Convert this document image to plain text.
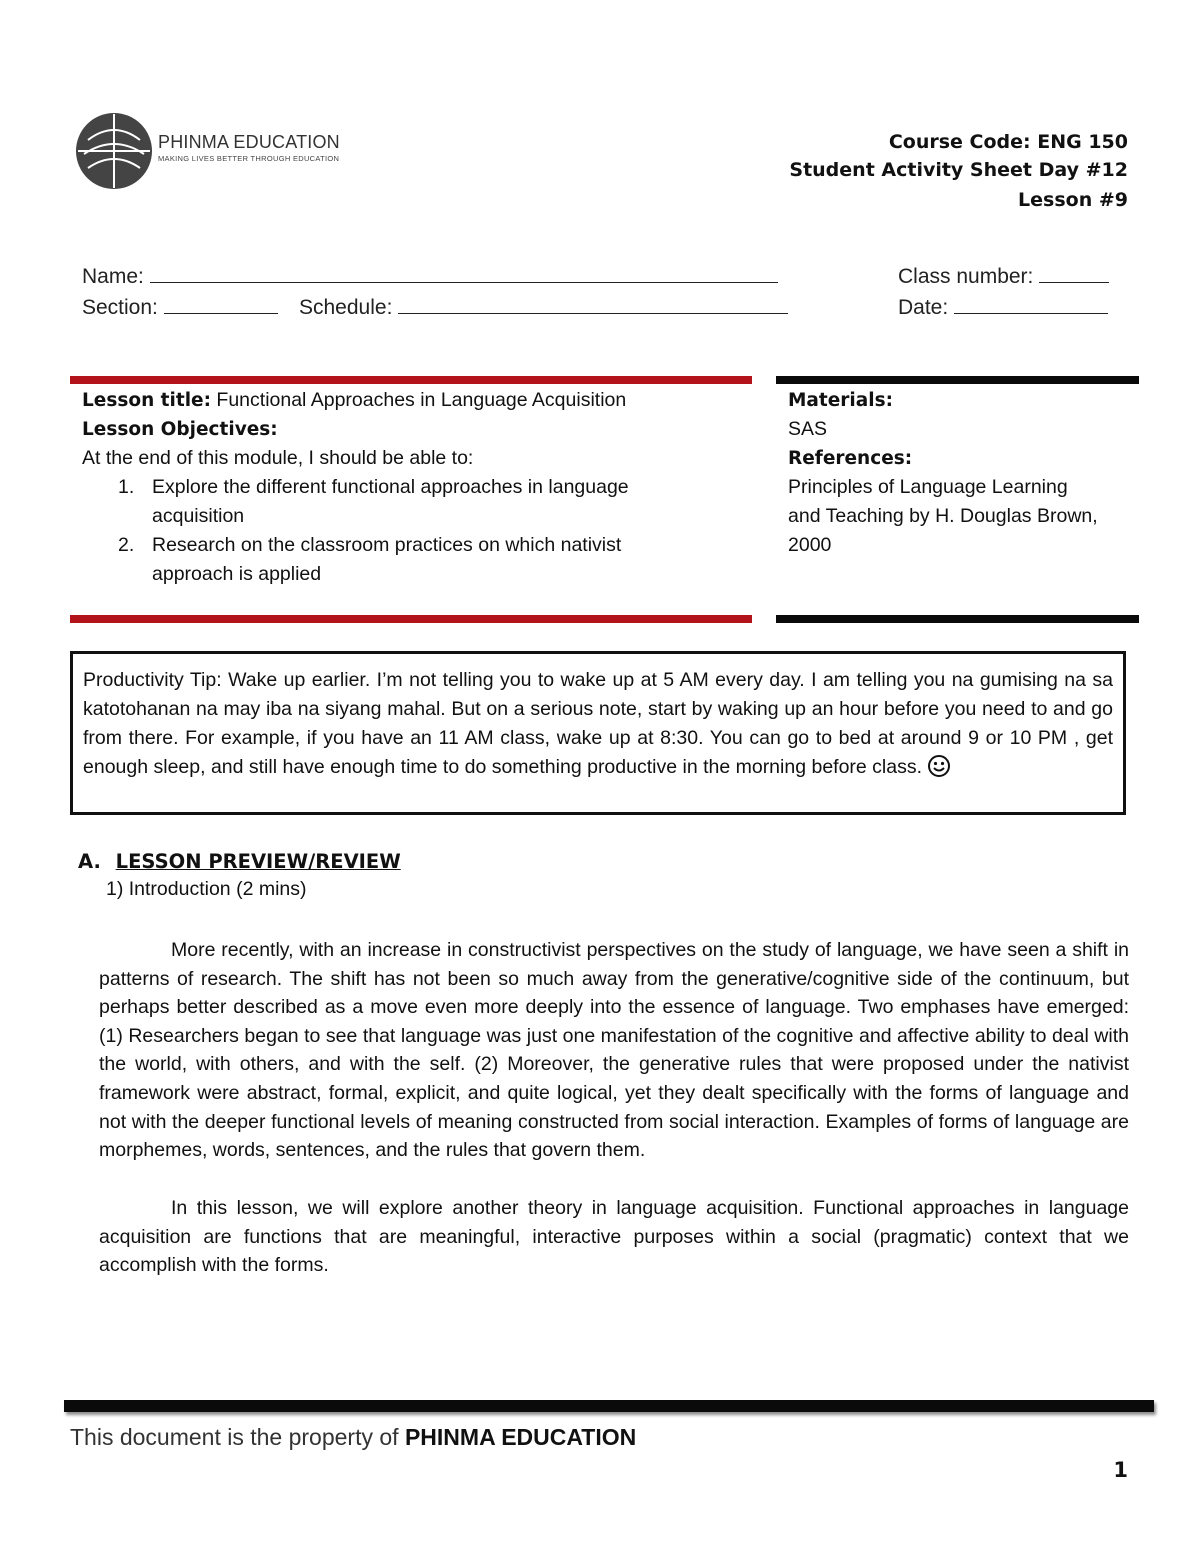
PHINMA EDUCATION
MAKING LIVES BETTER THROUGH EDUCATION
Course Code: ENG 150
Student Activity Sheet Day #12
Lesson #9
Name:	Class number:
Section:	Schedule:	Date:
Lesson title: Functional Approaches in Language Acquisition
Lesson Objectives:
At the end of this module, I should be able to:
1. Explore the different functional approaches in language
acquisition
2. Research on the classroom practices on which nativist
approach is applied
Materials:
SAS
References:
Principles of Language Learning
and Teaching by H. Douglas Brown,
2000
Productivity Tip: Wake up earlier. I’m not telling you to wake up at 5 AM every day. I am telling you na gumising na sa katotohanan na may iba na siyang mahal. But on a serious note, start by waking up an hour before you need to and go from there. For example, if you have an 11 AM class, wake up at 8:30. You can go to bed at around 9 or 10 PM , get enough sleep, and still have enough time to do something productive in the morning before class.
A. LESSON PREVIEW/REVIEW
1) Introduction (2 mins)
More recently, with an increase in constructivist perspectives on the study of language, we have seen a shift in patterns of research. The shift has not been so much away from the generative/cognitive side of the continuum, but perhaps better described as a move even more deeply into the essence of language. Two emphases have emerged: (1) Researchers began to see that language was just one manifestation of the cognitive and affective ability to deal with the world, with others, and with the self. (2) Moreover, the generative rules that were proposed under the nativist framework were abstract, formal, explicit, and quite logical, yet they dealt specifically with the forms of language and not with the deeper functional levels of meaning constructed from social interaction. Examples of forms of language are morphemes, words, sentences, and the rules that govern them.
In this lesson, we will explore another theory in language acquisition. Functional approaches in language acquisition are functions that are meaningful, interactive purposes within a social (pragmatic) context that we accomplish with the forms.
This document is the property of PHINMA EDUCATION
1
